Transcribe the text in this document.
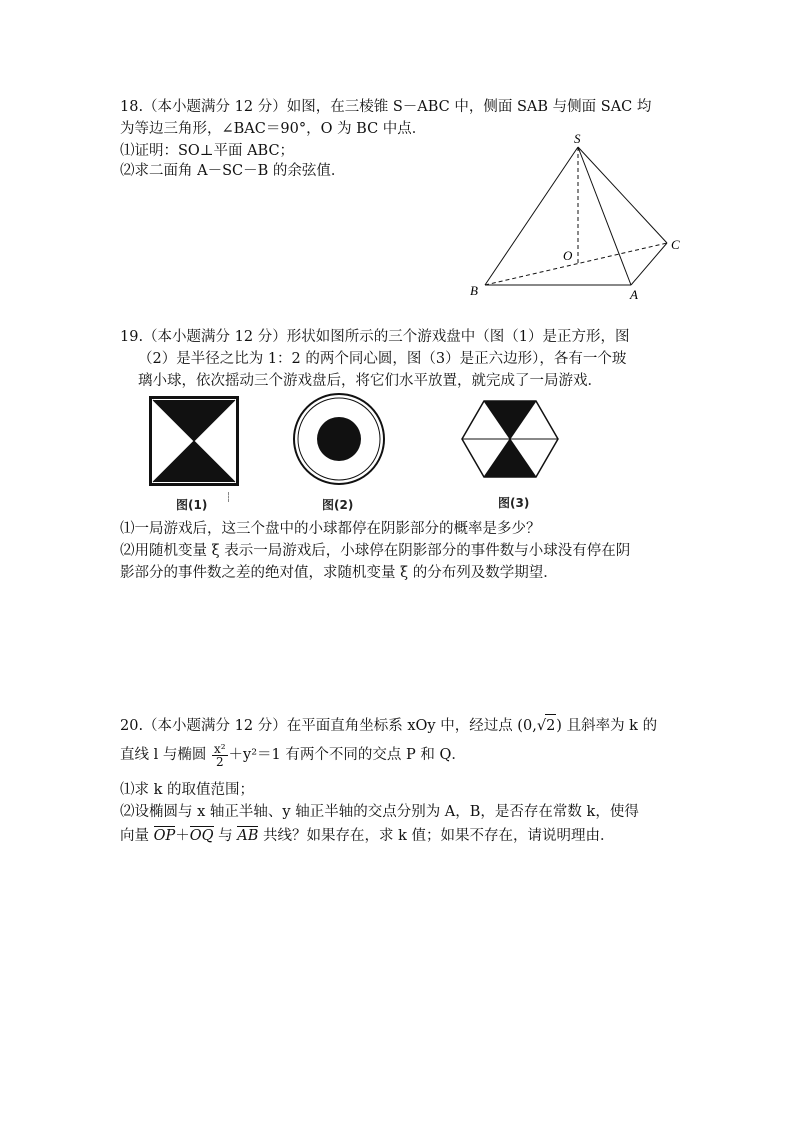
18.（本小题满分 12 分）如图，在三棱锥 S－ABC 中，侧面 SAB 与侧面 SAC 均
为等边三角形，∠BAC＝90°，O 为 BC 中点．
⑴证明：SO⊥平面 ABC；
⑵求二面角 A－SC－B 的余弦值．
S
O
C
B	A
19.（本小题满分 12 分）形状如图所示的三个游戏盘中（图（1）是正方形，图
（2）是半径之比为 1：2 的两个同心圆，图（3）是正六边形），各有一个玻
璃小球，依次摇动三个游戏盘后，将它们水平放置，就完成了一局游戏．
图(1)	图(2)	图(3)
⑴一局游戏后，这三个盘中的小球都停在阴影部分的概率是多少？
⑵用随机变量 ξ 表示一局游戏后，小球停在阴影部分的事件数与小球没有停在阴
影部分的事件数之差的绝对值，求随机变量 ξ 的分布列及数学期望．
20.（本小题满分 12 分）在平面直角坐标系 xOy 中，经过点 (0,√2) 且斜率为 k 的
直线 l 与椭圆 $\frac{\text{x²}}{2} +y^2=1$ 有两个不同的交点 P 和 Q．
⑴求 k 的取值范围；
⑵设椭圆与 x 轴正半轴、y 轴正半轴的交点分别为 A，B，是否存在常数 k，使得
向量 OP＋OQ 与 AB 共线？如果存在，求 k 值；如果不存在，请说明理由．
